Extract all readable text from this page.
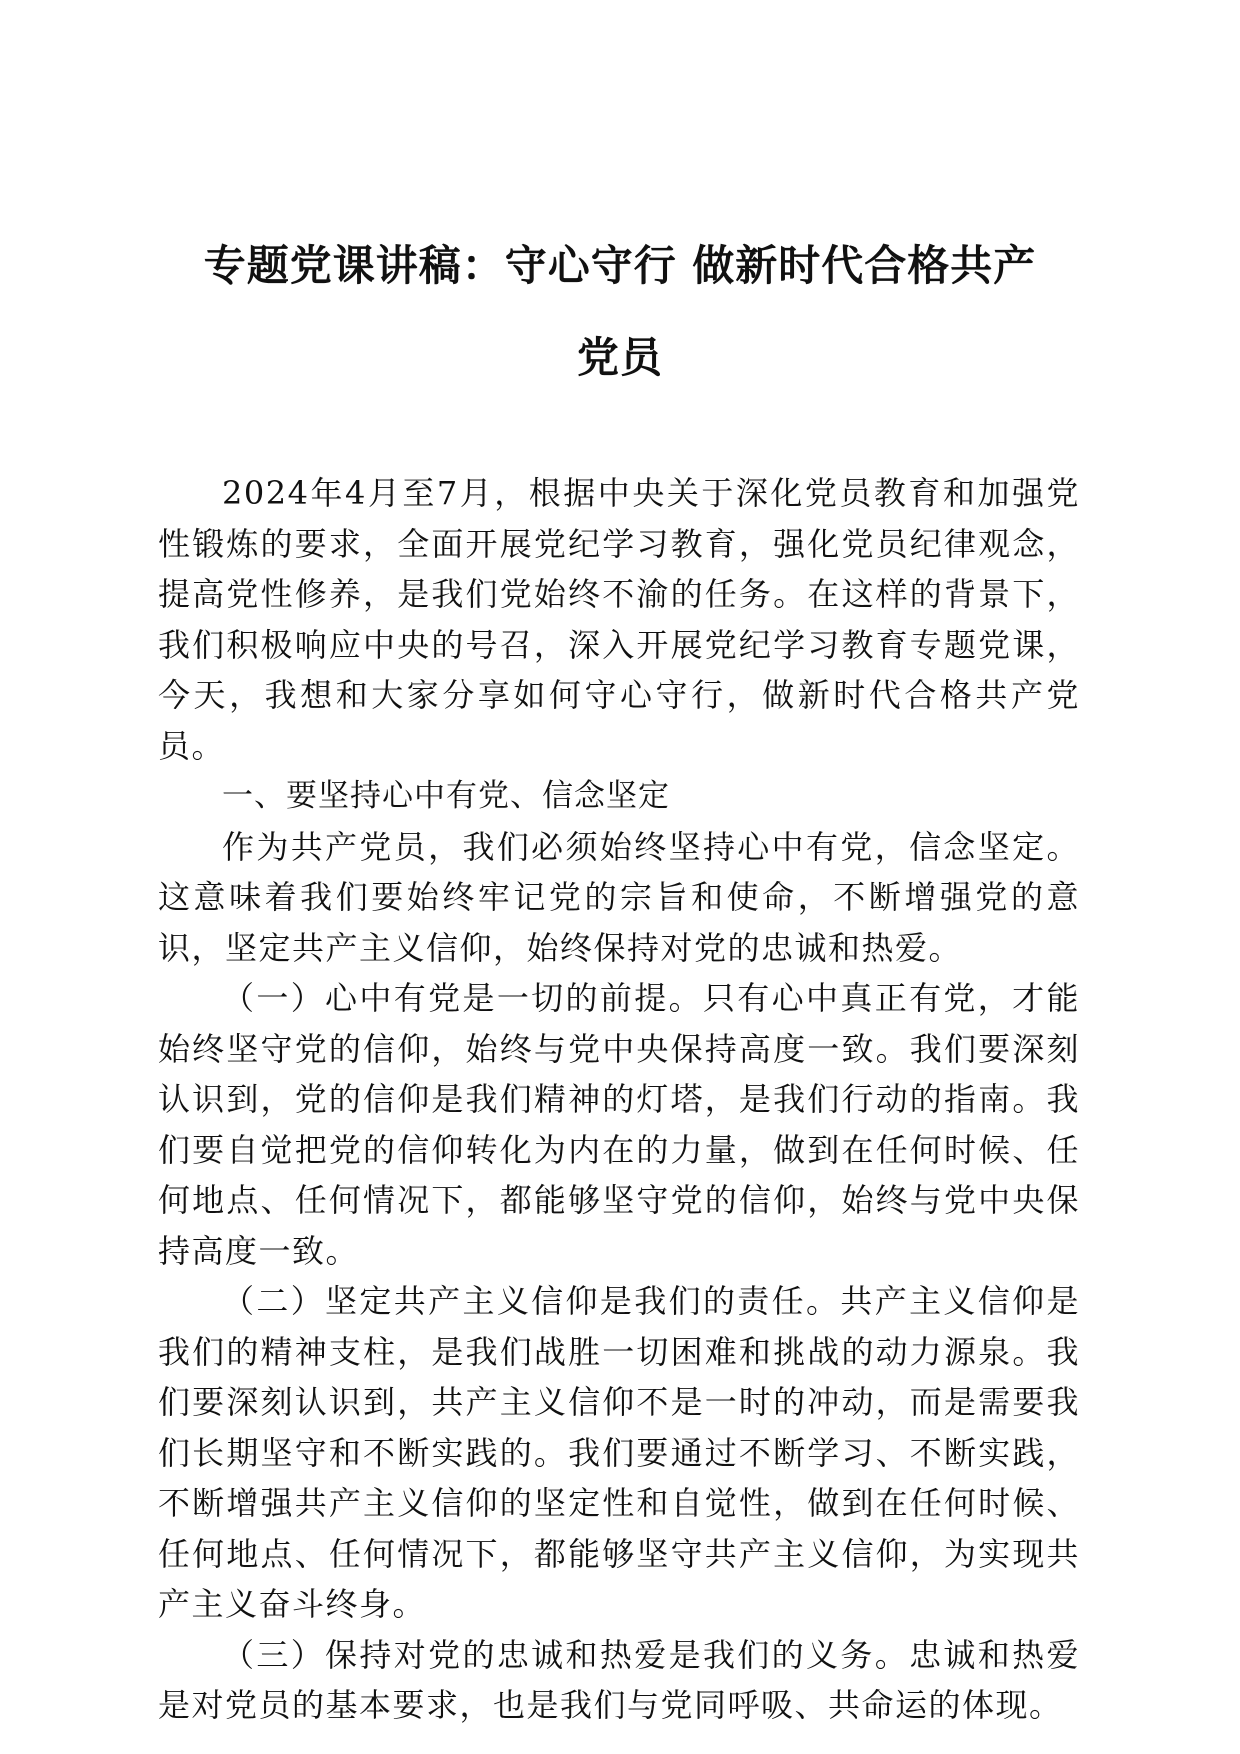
专题党课讲稿：守心守行 做新时代合格共产
党员

2024年4月至7月，根据中央关于深化党员教育和加强党性锻炼的要求，全面开展党纪学习教育，强化党员纪律观念，提高党性修养，是我们党始终不渝的任务。在这样的背景下，我们积极响应中央的号召，深入开展党纪学习教育专题党课，今天，我想和大家分享如何守心守行，做新时代合格共产党员。

一、要坚持心中有党、信念坚定

作为共产党员，我们必须始终坚持心中有党，信念坚定。这意味着我们要始终牢记党的宗旨和使命，不断增强党的意识，坚定共产主义信仰，始终保持对党的忠诚和热爱。

（一）心中有党是一切的前提。只有心中真正有党，才能始终坚守党的信仰，始终与党中央保持高度一致。我们要深刻认识到，党的信仰是我们精神的灯塔，是我们行动的指南。我们要自觉把党的信仰转化为内在的力量，做到在任何时候、任何地点、任何情况下，都能够坚守党的信仰，始终与党中央保持高度一致。

（二）坚定共产主义信仰是我们的责任。共产主义信仰是我们的精神支柱，是我们战胜一切困难和挑战的动力源泉。我们要深刻认识到，共产主义信仰不是一时的冲动，而是需要我们长期坚守和不断实践的。我们要通过不断学习、不断实践，不断增强共产主义信仰的坚定性和自觉性，做到在任何时候、任何地点、任何情况下，都能够坚守共产主义信仰，为实现共产主义奋斗终身。

（三）保持对党的忠诚和热爱是我们的义务。忠诚和热爱是对党员的基本要求，也是我们与党同呼吸、共命运的体现。
